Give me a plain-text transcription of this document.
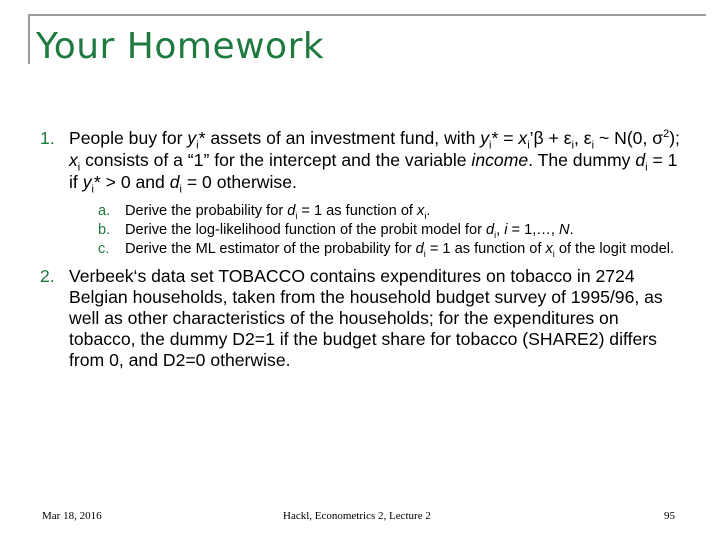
Your Homework
1. People buy for $y_i*$ assets of an investment fund, with $y_i*$ = $x_i’\beta + \varepsilon_i$, $\varepsilon_i$ ~ N(0, $\sigma^2$); $x_i$ consists of a “1” for the intercept and the variable income. The dummy $d_i = 1$ if $y_i* > 0$ and $d_i = 0$ otherwise.
a. Derive the probability for $d_i = 1$ as function of $x_i$.
b. Derive the log-likelihood function of the probit model for $d_i$, i = 1,…, N.
c. Derive the ML estimator of the probability for $d_i = 1$ as function of $x_i$ of the logit model.
2. Verbeek‘s data set TOBACCO contains expenditures on tobacco in 2724 Belgian households, taken from the household budget survey of 1995/96, as well as other characteristics of the households; for the expenditures on tobacco, the dummy D2=1 if the budget share for tobacco (SHARE2) differs from 0, and D2=0 otherwise.
Mar 18, 2016	Hackl, Econometrics 2, Lecture 2	95
